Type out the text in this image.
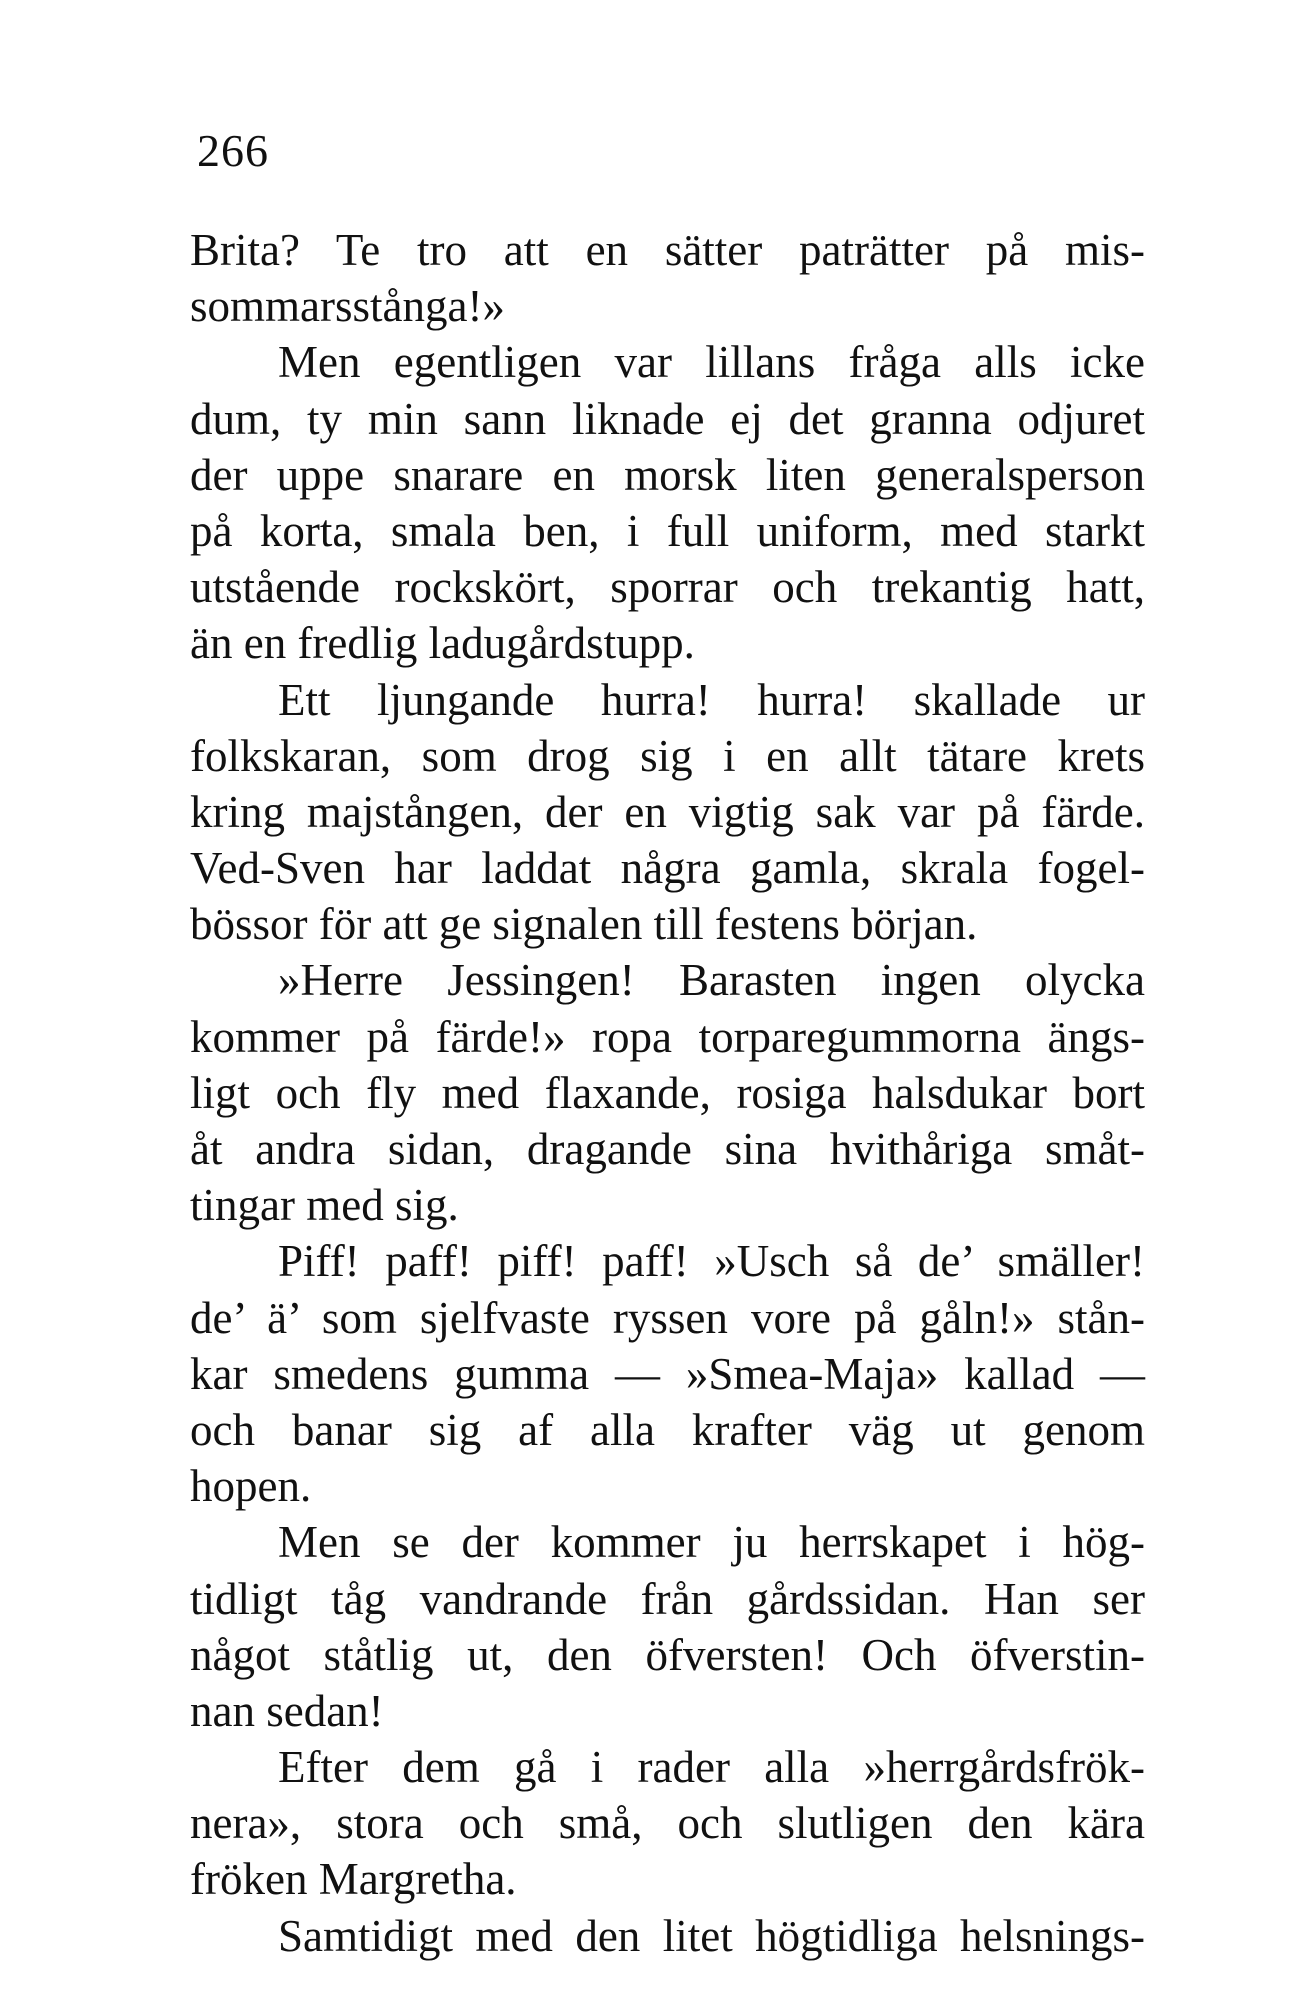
266
Brita? Te tro att en sätter paträtter på mis-
sommarsstånga!»
Men egentligen var lillans fråga alls icke
dum, ty min sann liknade ej det granna odjuret
der uppe snarare en morsk liten generalsperson
på korta, smala ben, i full uniform, med starkt
utstående rockskört, sporrar och trekantig hatt,
än en fredlig ladugårdstupp.
Ett ljungande hurra! hurra! skallade ur
folkskaran, som drog sig i en allt tätare krets
kring majstången, der en vigtig sak var på färde.
Ved-Sven har laddat några gamla, skrala fogel-
bössor för att ge signalen till festens början.
»Herre Jessingen! Barasten ingen olycka
kommer på färde!» ropa torparegummorna ängs-
ligt och fly med flaxande, rosiga halsdukar bort
åt andra sidan, dragande sina hvithåriga småt-
tingar med sig.
Piff! paff! piff! paff! »Usch så de’ smäller!
de’ ä’ som sjelfvaste ryssen vore på gåln!» stån-
kar smedens gumma — »Smea-Maja» kallad —
och banar sig af alla krafter väg ut genom
hopen.
Men se der kommer ju herrskapet i hög-
tidligt tåg vandrande från gårdssidan. Han ser
något ståtlig ut, den öfversten! Och öfverstin-
nan sedan!
Efter dem gå i rader alla »herrgårdsfrök-
nera», stora och små, och slutligen den kära
fröken Margretha.
Samtidigt med den litet högtidliga helsnings-
